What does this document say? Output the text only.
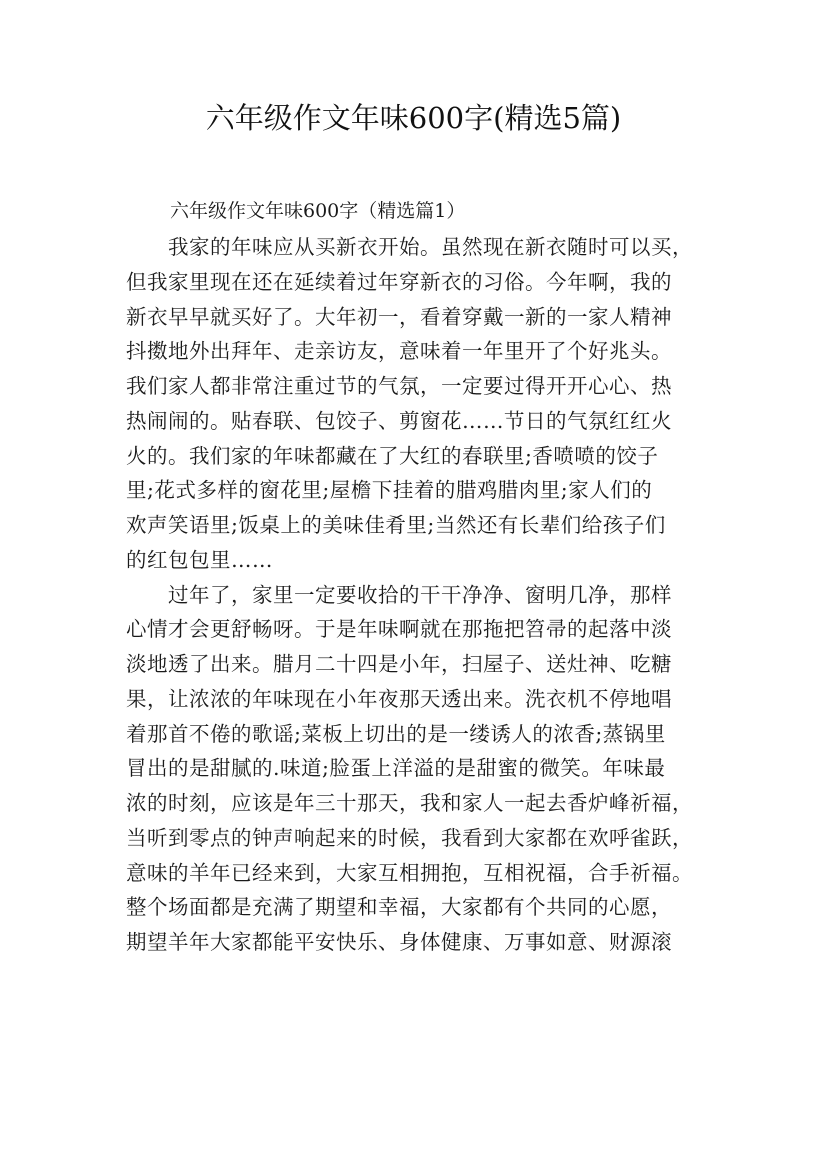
六年级作文年味600字(精选5篇)

六年级作文年味600字（精选篇1）

　　我家的年味应从买新衣开始。虽然现在新衣随时可以买，

但我家里现在还在延续着过年穿新衣的习俗。今年啊，我的

新衣早早就买好了。大年初一，看着穿戴一新的一家人精神

抖擞地外出拜年、走亲访友，意味着一年里开了个好兆头。

我们家人都非常注重过节的气氛，一定要过得开开心心、热

热闹闹的。贴春联、包饺子、剪窗花……节日的气氛红红火

火的。我们家的年味都藏在了大红的春联里;香喷喷的饺子

里;花式多样的窗花里;屋檐下挂着的腊鸡腊肉里;家人们的

欢声笑语里;饭桌上的美味佳肴里;当然还有长辈们给孩子们

的红包包里……

　　过年了，家里一定要收拾的干干净净、窗明几净，那样

心情才会更舒畅呀。于是年味啊就在那拖把笤帚的起落中淡

淡地透了出来。腊月二十四是小年，扫屋子、送灶神、吃糖

果，让浓浓的年味现在小年夜那天透出来。洗衣机不停地唱

着那首不倦的歌谣;菜板上切出的是一缕诱人的浓香;蒸锅里

冒出的是甜腻的.味道;脸蛋上洋溢的是甜蜜的微笑。年味最

浓的时刻，应该是年三十那天，我和家人一起去香炉峰祈福，

当听到零点的钟声响起来的时候，我看到大家都在欢呼雀跃，

意味的羊年已经来到，大家互相拥抱，互相祝福，合手祈福。

整个场面都是充满了期望和幸福，大家都有个共同的心愿，

期望羊年大家都能平安快乐、身体健康、万事如意、财源滚
